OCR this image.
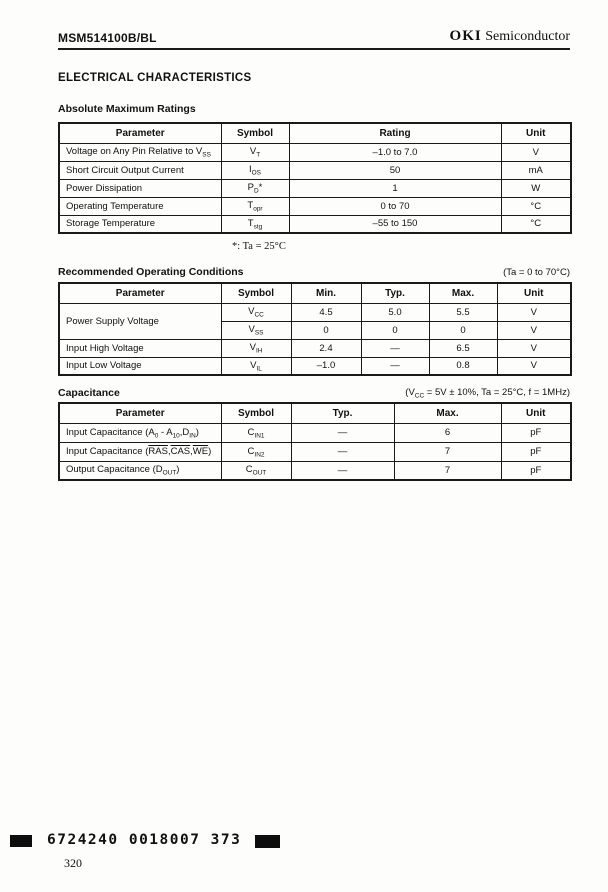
MSM514100B/BL	OKI Semiconductor
ELECTRICAL CHARACTERISTICS
Absolute Maximum Ratings
Parameter	Symbol	Rating	Unit
Voltage on Any Pin Relative to $V_{SS}$	$V_T$	–1.0 to 7.0	V
Short Circuit Output Current	$I_{OS}$	50	mA
Power Dissipation	$P_D*$	1	W
Operating Temperature	$T_{opr}$	0 to 70	°C
Storage Temperature	$T_{stg}$	–55 to 150	°C
*: Ta = 25°C
Recommended Operating Conditions	(Ta = 0 to 70°C)
Parameter	Symbol	Min.	Typ.	Max.	Unit
Power Supply Voltage	$V_{CC}$	4.5	5.0	5.5	V
	$V_{SS}$	0	0	0	V
Input High Voltage	$V_{IH}$	2.4	—	6.5	V
Input Low Voltage	$V_{IL}$	–1.0	—	0.8	V
Capacitance	($V_{CC} = 5V \pm 10\%$, Ta = 25°C, f = 1MHz)
Parameter	Symbol	Typ.	Max.	Unit
Input Capacitance $(A_0 - A_{10},D_{IN})$	$C_{IN1}$	—	6	pF
Input Capacitance $(\overline{RAS},\overline{CAS},\overline{WE})$	$C_{IN2}$	—	7	pF
Output Capacitance $(D_{OUT})$	$C_{OUT}$	—	7	pF
6724240 0018007 373
320
